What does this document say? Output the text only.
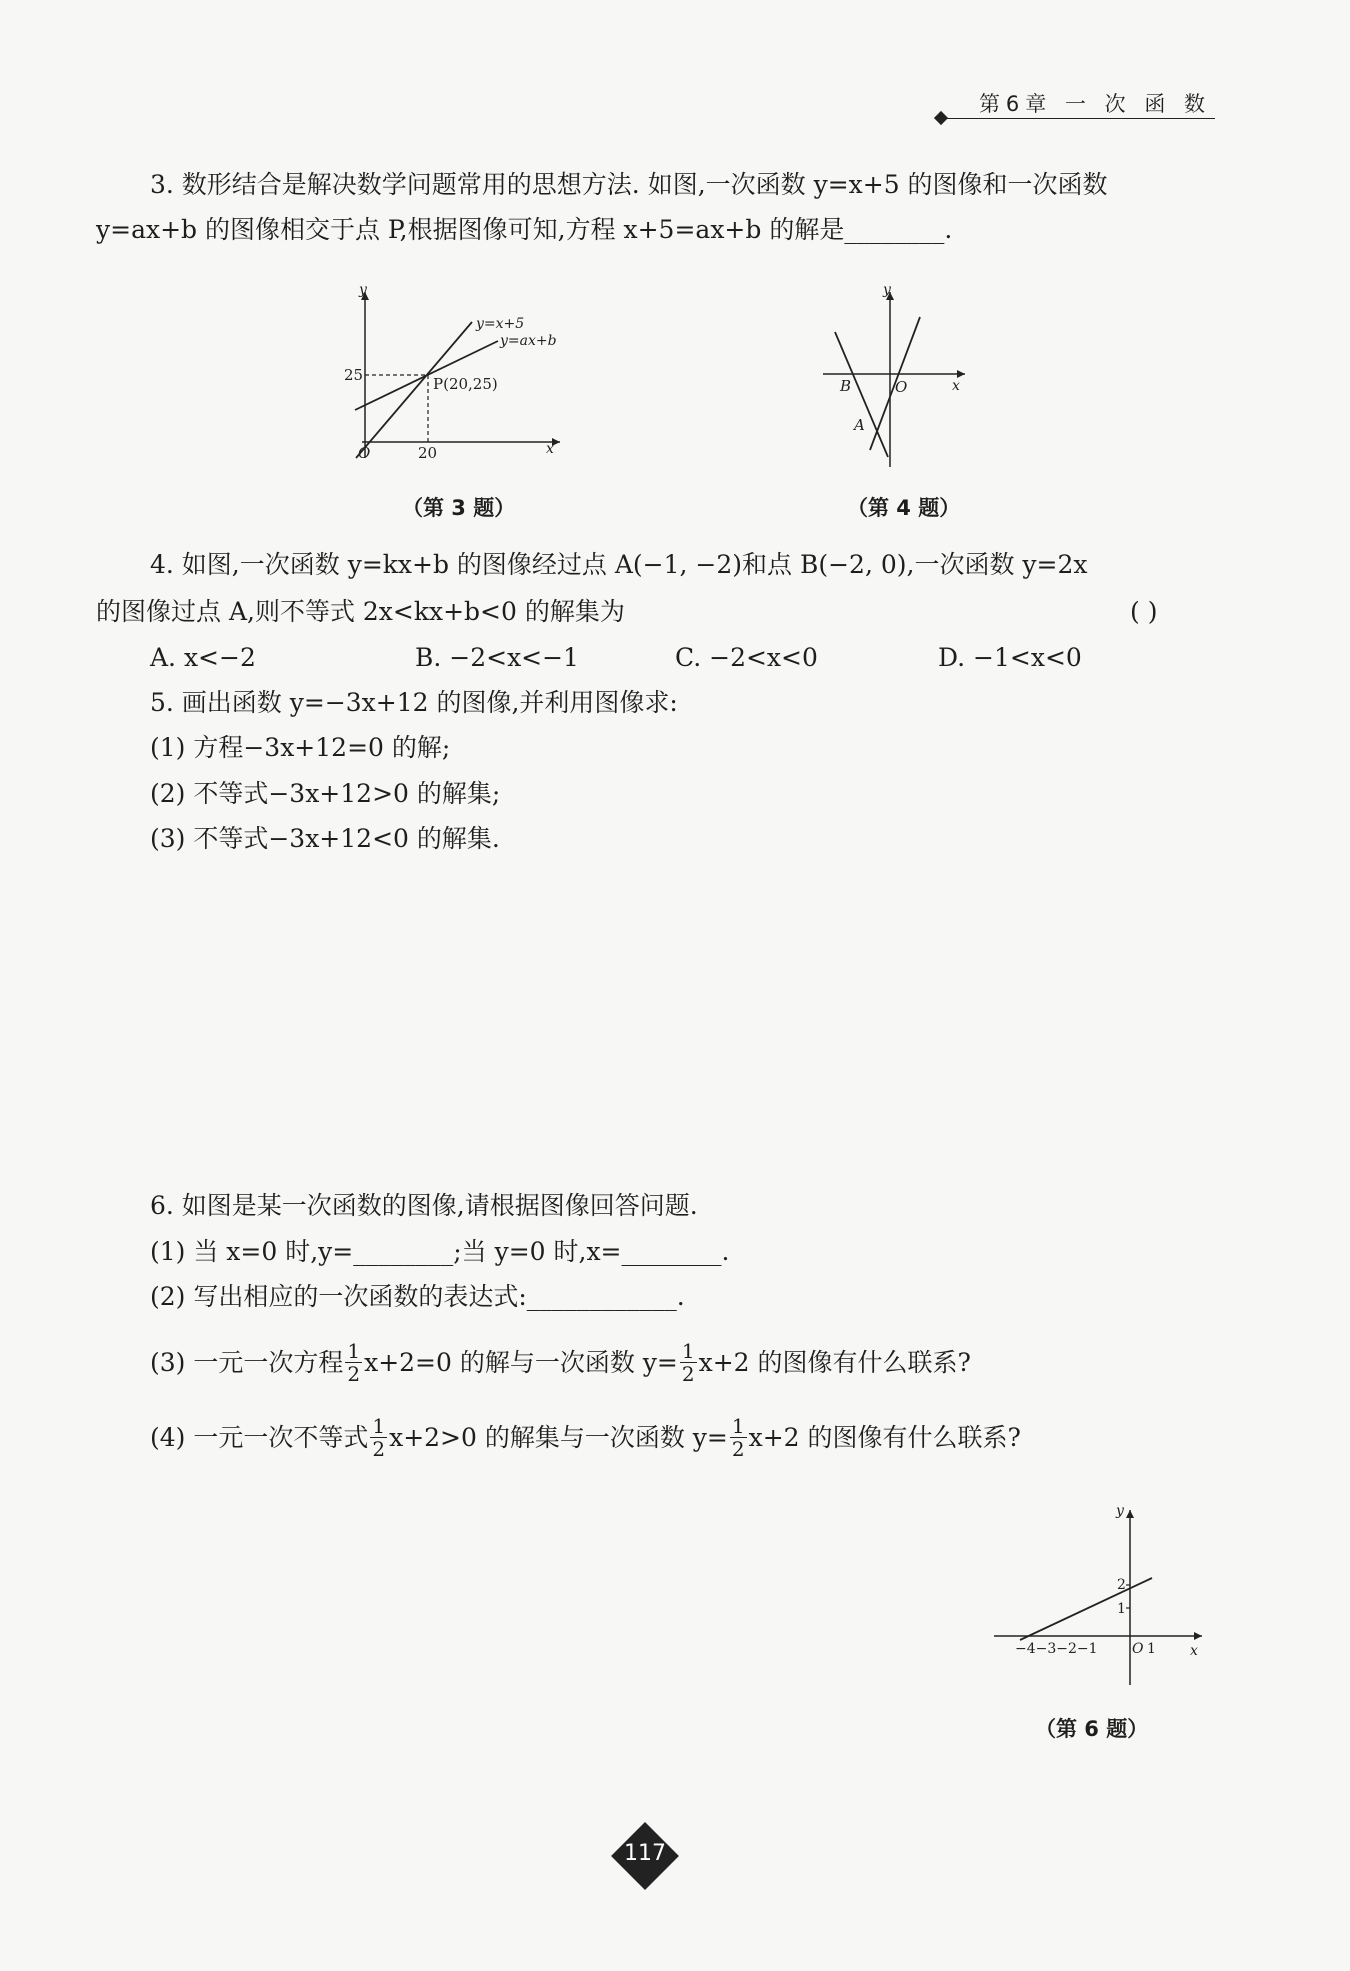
第6章 一 次 函 数
3. 数形结合是解决数学问题常用的思想方法. 如图,一次函数 y=x+5 的图像和一次函数
y=ax+b 的图像相交于点 P,根据图像可知,方程 x+5=ax+b 的解是________.
y
x
O
y=x+5
y=ax+b
25
20
P(20,25)
（第 3 题）
y
x
O
B
A
（第 4 题）
4. 如图,一次函数 y=kx+b 的图像经过点 A(−1, −2)和点 B(−2, 0),一次函数 y=2x
的图像过点 A,则不等式 2x<kx+b<0 的解集为	( )
A. x<−2	B. −2<x<−1	C. −2<x<0	D. −1<x<0
5. 画出函数 y=−3x+12 的图像,并利用图像求:
(1) 方程−3x+12=0 的解;
(2) 不等式−3x+12>0 的解集;
(3) 不等式−3x+12<0 的解集.
6. 如图是某一次函数的图像,请根据图像回答问题.
(1) 当 x=0 时,y=________;当 y=0 时,x=________.
(2) 写出相应的一次函数的表达式:____________.
(3) 一元一次方程 $\frac{1}{2} x+2=0$ 的解与一次函数 $y= \frac{1}{2} x+2$ 的图像有什么联系?
(4) 一元一次不等式 $\frac{1}{2} x+2>0$ 的解集与一次函数 $y= \frac{1}{2} x+2$ 的图像有什么联系?
y
x
O
−4−3−2−1	1
1
2
（第 6 题）
117
